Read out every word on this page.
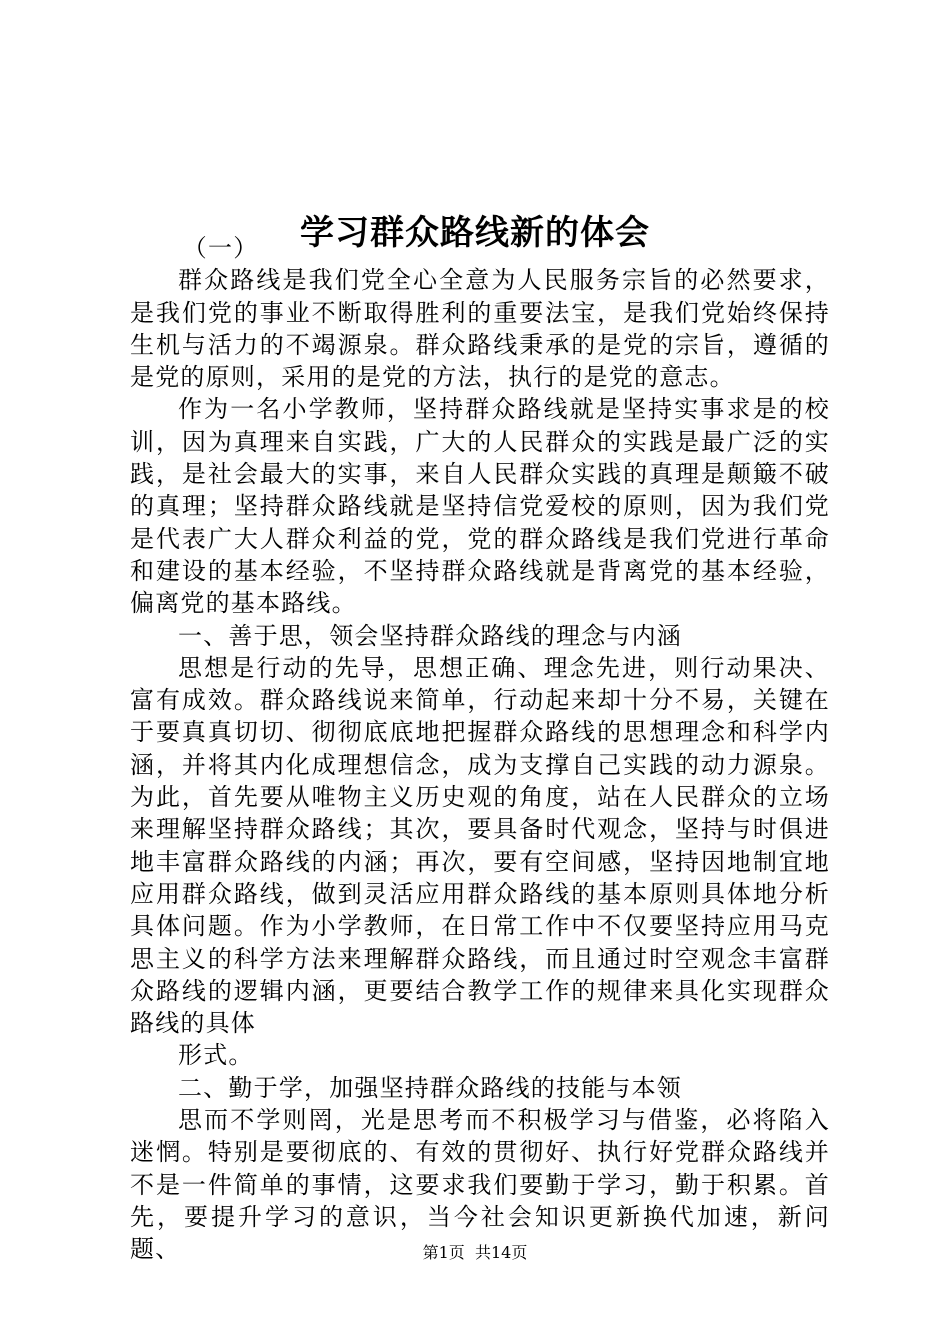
学习群众路线新的体会

（一）

群众路线是我们党全心全意为人民服务宗旨的必然要求，是我们党的事业不断取得胜利的重要法宝，是我们党始终保持生机与活力的不竭源泉。群众路线秉承的是党的宗旨，遵循的是党的原则，采用的是党的方法，执行的是党的意志。

作为一名小学教师，坚持群众路线就是坚持实事求是的校训，因为真理来自实践，广大的人民群众的实践是最广泛的实践，是社会最大的实事，来自人民群众实践的真理是颠簸不破的真理；坚持群众路线就是坚持信党爱校的原则，因为我们党是代表广大人群众利益的党，党的群众路线是我们党进行革命和建设的基本经验，不坚持群众路线就是背离党的基本经验，偏离党的基本路线。

一、善于思，领会坚持群众路线的理念与内涵

思想是行动的先导，思想正确、理念先进，则行动果决、富有成效。群众路线说来简单，行动起来却十分不易，关键在于要真真切切、彻彻底底地把握群众路线的思想理念和科学内涵，并将其内化成理想信念，成为支撑自己实践的动力源泉。为此，首先要从唯物主义历史观的角度，站在人民群众的立场来理解坚持群众路线；其次，要具备时代观念，坚持与时俱进地丰富群众路线的内涵；再次，要有空间感，坚持因地制宜地应用群众路线，做到灵活应用群众路线的基本原则具体地分析具体问题。作为小学教师，在日常工作中不仅要坚持应用马克思主义的科学方法来理解群众路线，而且通过时空观念丰富群众路线的逻辑内涵，更要结合教学工作的规律来具化实现群众路线的具体

形式。

二、勤于学，加强坚持群众路线的技能与本领

思而不学则罔，光是思考而不积极学习与借鉴，必将陷入迷惘。特别是要彻底的、有效的贯彻好、执行好党群众路线并不是一件简单的事情，这要求我们要勤于学习，勤于积累。首先，要提升学习的意识，当今社会知识更新换代加速，新问题、	第1页 共14页
